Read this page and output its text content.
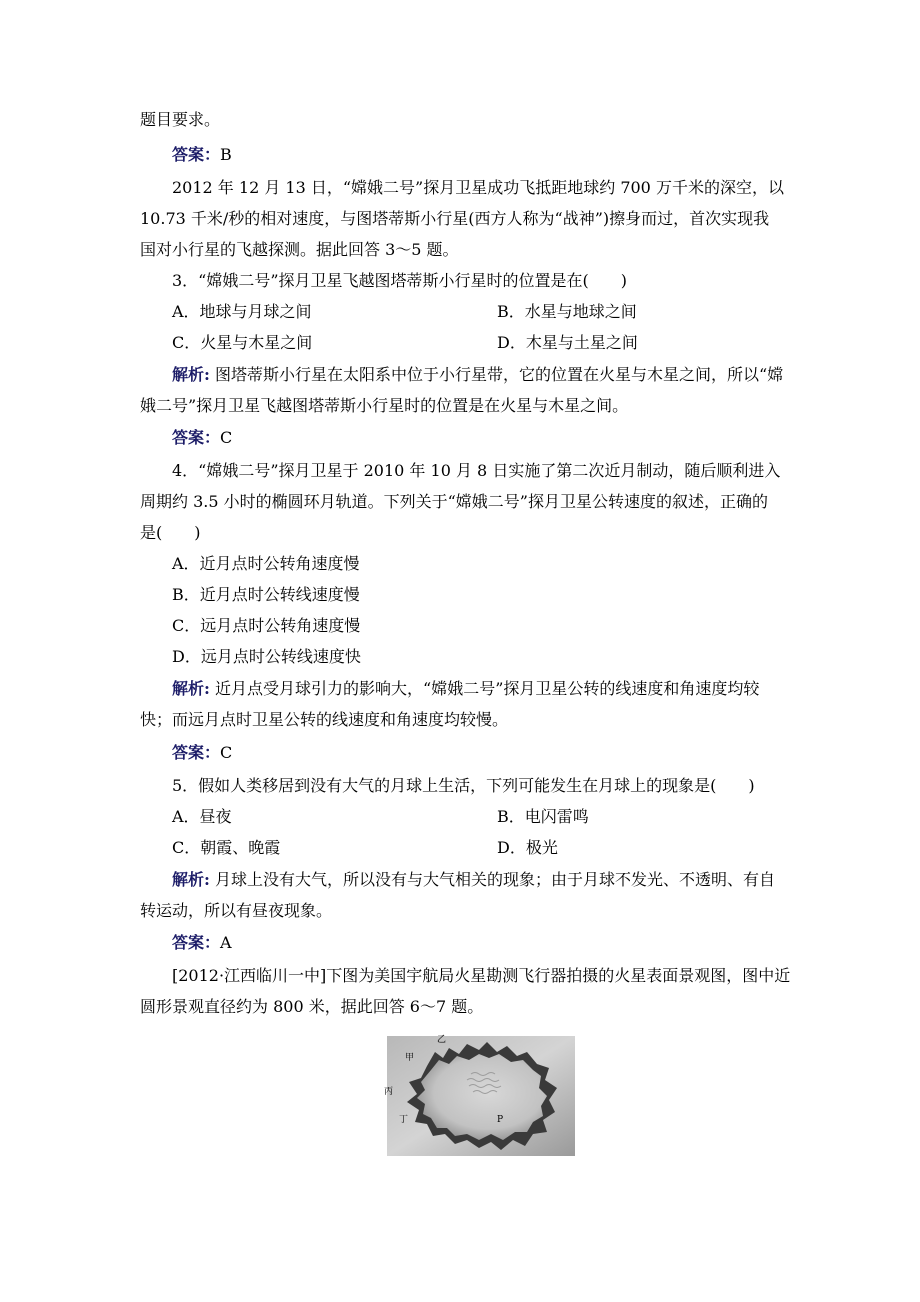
题目要求。
答案：B
2012 年 12 月 13 日，“嫦娥二号”探月卫星成功飞抵距地球约 700 万千米的深空，以
10.73 千米/秒的相对速度，与图塔蒂斯小行星(西方人称为“战神”)擦身而过，首次实现我
国对小行星的飞越探测。据此回答 3～5 题。
3．“嫦娥二号”探月卫星飞越图塔蒂斯小行星时的位置是在(　　)
A．地球与月球之间	B．水星与地球之间
C．火星与木星之间	D．木星与土星之间
解析: 图塔蒂斯小行星在太阳系中位于小行星带，它的位置在火星与木星之间，所以“嫦
娥二号”探月卫星飞越图塔蒂斯小行星时的位置是在火星与木星之间。
答案：C
4．“嫦娥二号”探月卫星于 2010 年 10 月 8 日实施了第二次近月制动，随后顺利进入
周期约 3.5 小时的椭圆环月轨道。下列关于“嫦娥二号”探月卫星公转速度的叙述，正确的
是(　　)
A．近月点时公转角速度慢
B．近月点时公转线速度慢
C．远月点时公转角速度慢
D．远月点时公转线速度快
解析: 近月点受月球引力的影响大，“嫦娥二号”探月卫星公转的线速度和角速度均较
快；而远月点时卫星公转的线速度和角速度均较慢。
答案：C
5．假如人类移居到没有大气的月球上生活，下列可能发生在月球上的现象是(　　)
A．昼夜	B．电闪雷鸣
C．朝霞、晚霞	D．极光
解析: 月球上没有大气，所以没有与大气相关的现象；由于月球不发光、不透明、有自
转运动，所以有昼夜现象。
答案：A
[2012·江西临川一中]下图为美国宇航局火星勘测飞行器拍摄的火星表面景观图，图中近
圆形景观直径约为 800 米，据此回答 6～7 题。
乙
甲
丙
丁	P
